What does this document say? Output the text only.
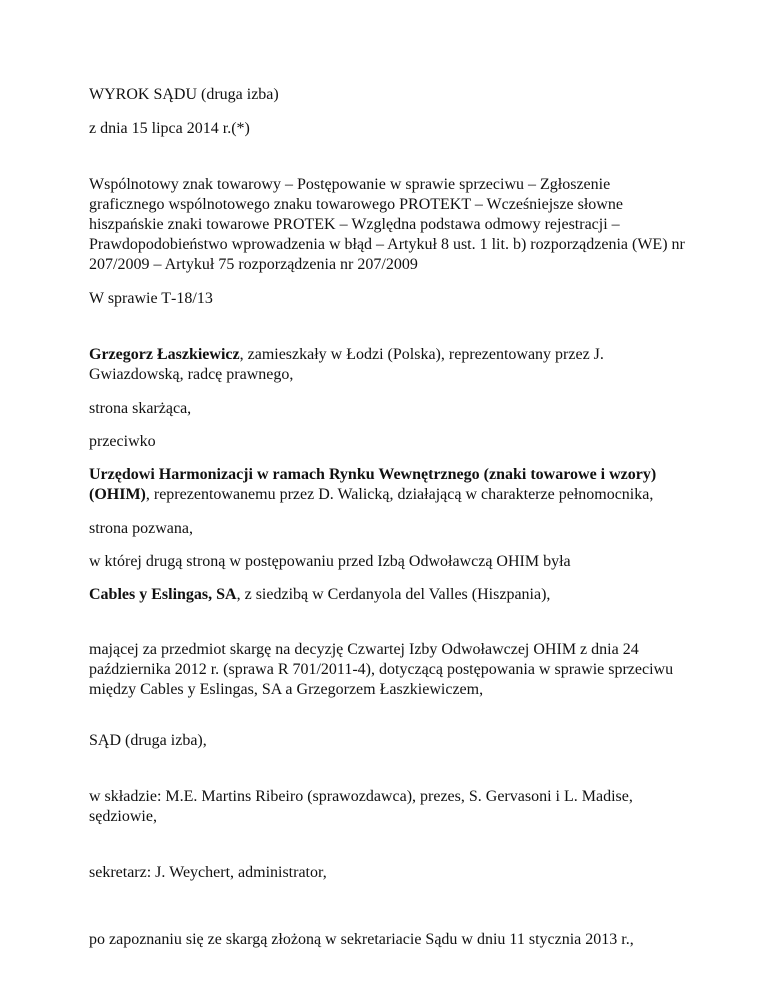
WYROK SĄDU (druga izba)

z dnia 15 lipca 2014 r.(*)

Wspólnotowy znak towarowy – Postępowanie w sprawie sprzeciwu – Zgłoszenie graficznego wspólnotowego znaku towarowego PROTEKT – Wcześniejsze słowne hiszpańskie znaki towarowe PROTEK – Względna podstawa odmowy rejestracji – Prawdopodobieństwo wprowadzenia w błąd – Artykuł 8 ust. 1 lit. b) rozporządzenia (WE) nr 207/2009 – Artykuł 75 rozporządzenia nr 207/2009

W sprawie T‑18/13

Grzegorz Łaszkiewicz, zamieszkały w Łodzi (Polska), reprezentowany przez J. Gwiazdowską, radcę prawnego,

strona skarżąca,

przeciwko

Urzędowi Harmonizacji w ramach Rynku Wewnętrznego (znaki towarowe i wzory) (OHIM), reprezentowanemu przez D. Walicką, działającą w charakterze pełnomocnika,

strona pozwana,

w której drugą stroną w postępowaniu przed Izbą Odwoławczą OHIM była

Cables y Eslingas, SA, z siedzibą w Cerdanyola del Valles (Hiszpania),

mającej za przedmiot skargę na decyzję Czwartej Izby Odwoławczej OHIM z dnia 24 października 2012 r. (sprawa R 701/2011‑4), dotyczącą postępowania w sprawie sprzeciwu między Cables y Eslingas, SA a Grzegorzem Łaszkiewiczem,

SĄD (druga izba),

w składzie: M.E. Martins Ribeiro (sprawozdawca), prezes, S. Gervasoni i L. Madise, sędziowie,

sekretarz: J. Weychert, administrator,

po zapoznaniu się ze skargą złożoną w sekretariacie Sądu w dniu 11 stycznia 2013 r.,
